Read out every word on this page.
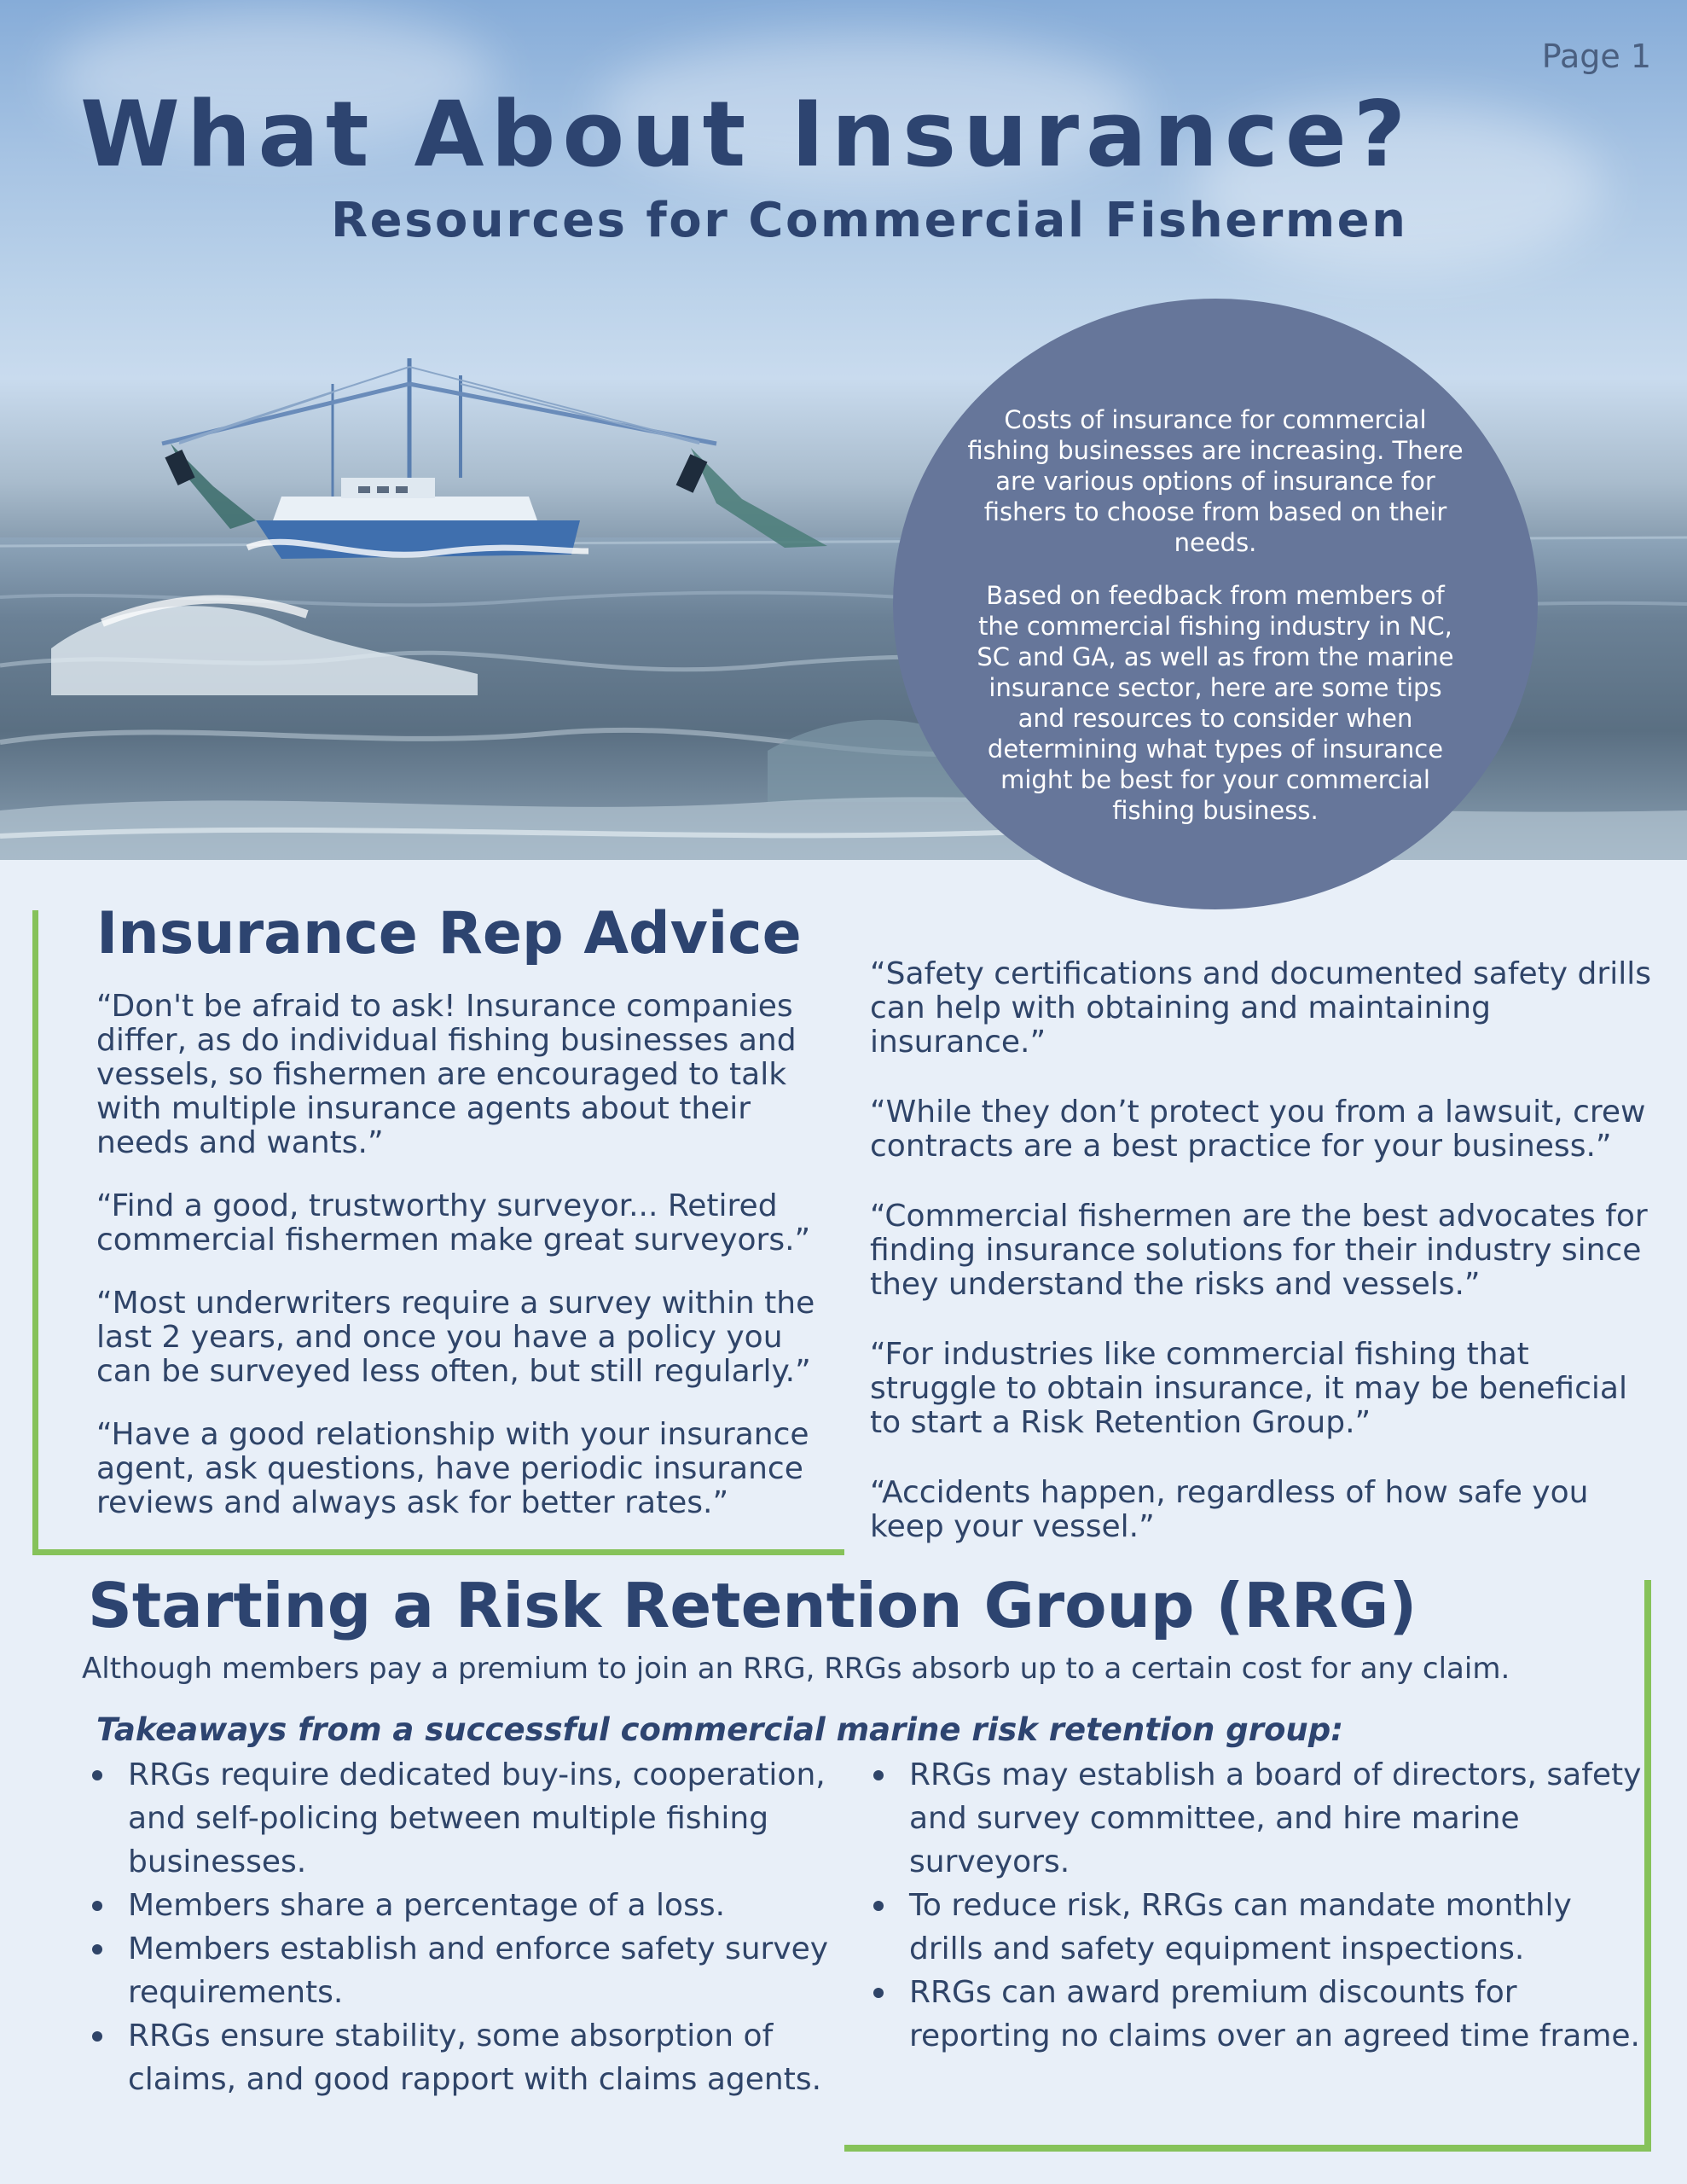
Page 1
What About Insurance?
Resources for Commercial Fishermen

Costs of insurance for commercial fishing businesses are increasing. There are various options of insurance for fishers to choose from based on their needs.

Based on feedback from members of the commercial fishing industry in NC, SC and GA, as well as from the marine insurance sector, here are some tips and resources to consider when determining what types of insurance might be best for your commercial fishing business.

Insurance Rep Advice

“Don't be afraid to ask! Insurance companies differ, as do individual fishing businesses and vessels, so fishermen are encouraged to talk with multiple insurance agents about their needs and wants.”

“Find a good, trustworthy surveyor... Retired commercial fishermen make great surveyors.”

“Most underwriters require a survey within the last 2 years, and once you have a policy you can be surveyed less often, but still regularly.”

“Have a good relationship with your insurance agent, ask questions, have periodic insurance reviews and always ask for better rates.”

“Safety certifications and documented safety drills can help with obtaining and maintaining insurance.”

“While they don’t protect you from a lawsuit, crew contracts are a best practice for your business.”

“Commercial fishermen are the best advocates for finding insurance solutions for their industry since they understand the risks and vessels.”

“For industries like commercial fishing that struggle to obtain insurance, it may be beneficial to start a Risk Retention Group.”

“Accidents happen, regardless of how safe you keep your vessel.”

Starting a Risk Retention Group (RRG)

Although members pay a premium to join an RRG, RRGs absorb up to a certain cost for any claim.

Takeaways from a successful commercial marine risk retention group:

RRGs require dedicated buy-ins, cooperation, and self-policing between multiple fishing businesses.
Members share a percentage of a loss.
Members establish and enforce safety survey requirements.
RRGs ensure stability, some absorption of claims, and good rapport with claims agents.
RRGs may establish a board of directors, safety and survey committee, and hire marine surveyors.
To reduce risk, RRGs can mandate monthly drills and safety equipment inspections.
RRGs can award premium discounts for reporting no claims over an agreed time frame.
